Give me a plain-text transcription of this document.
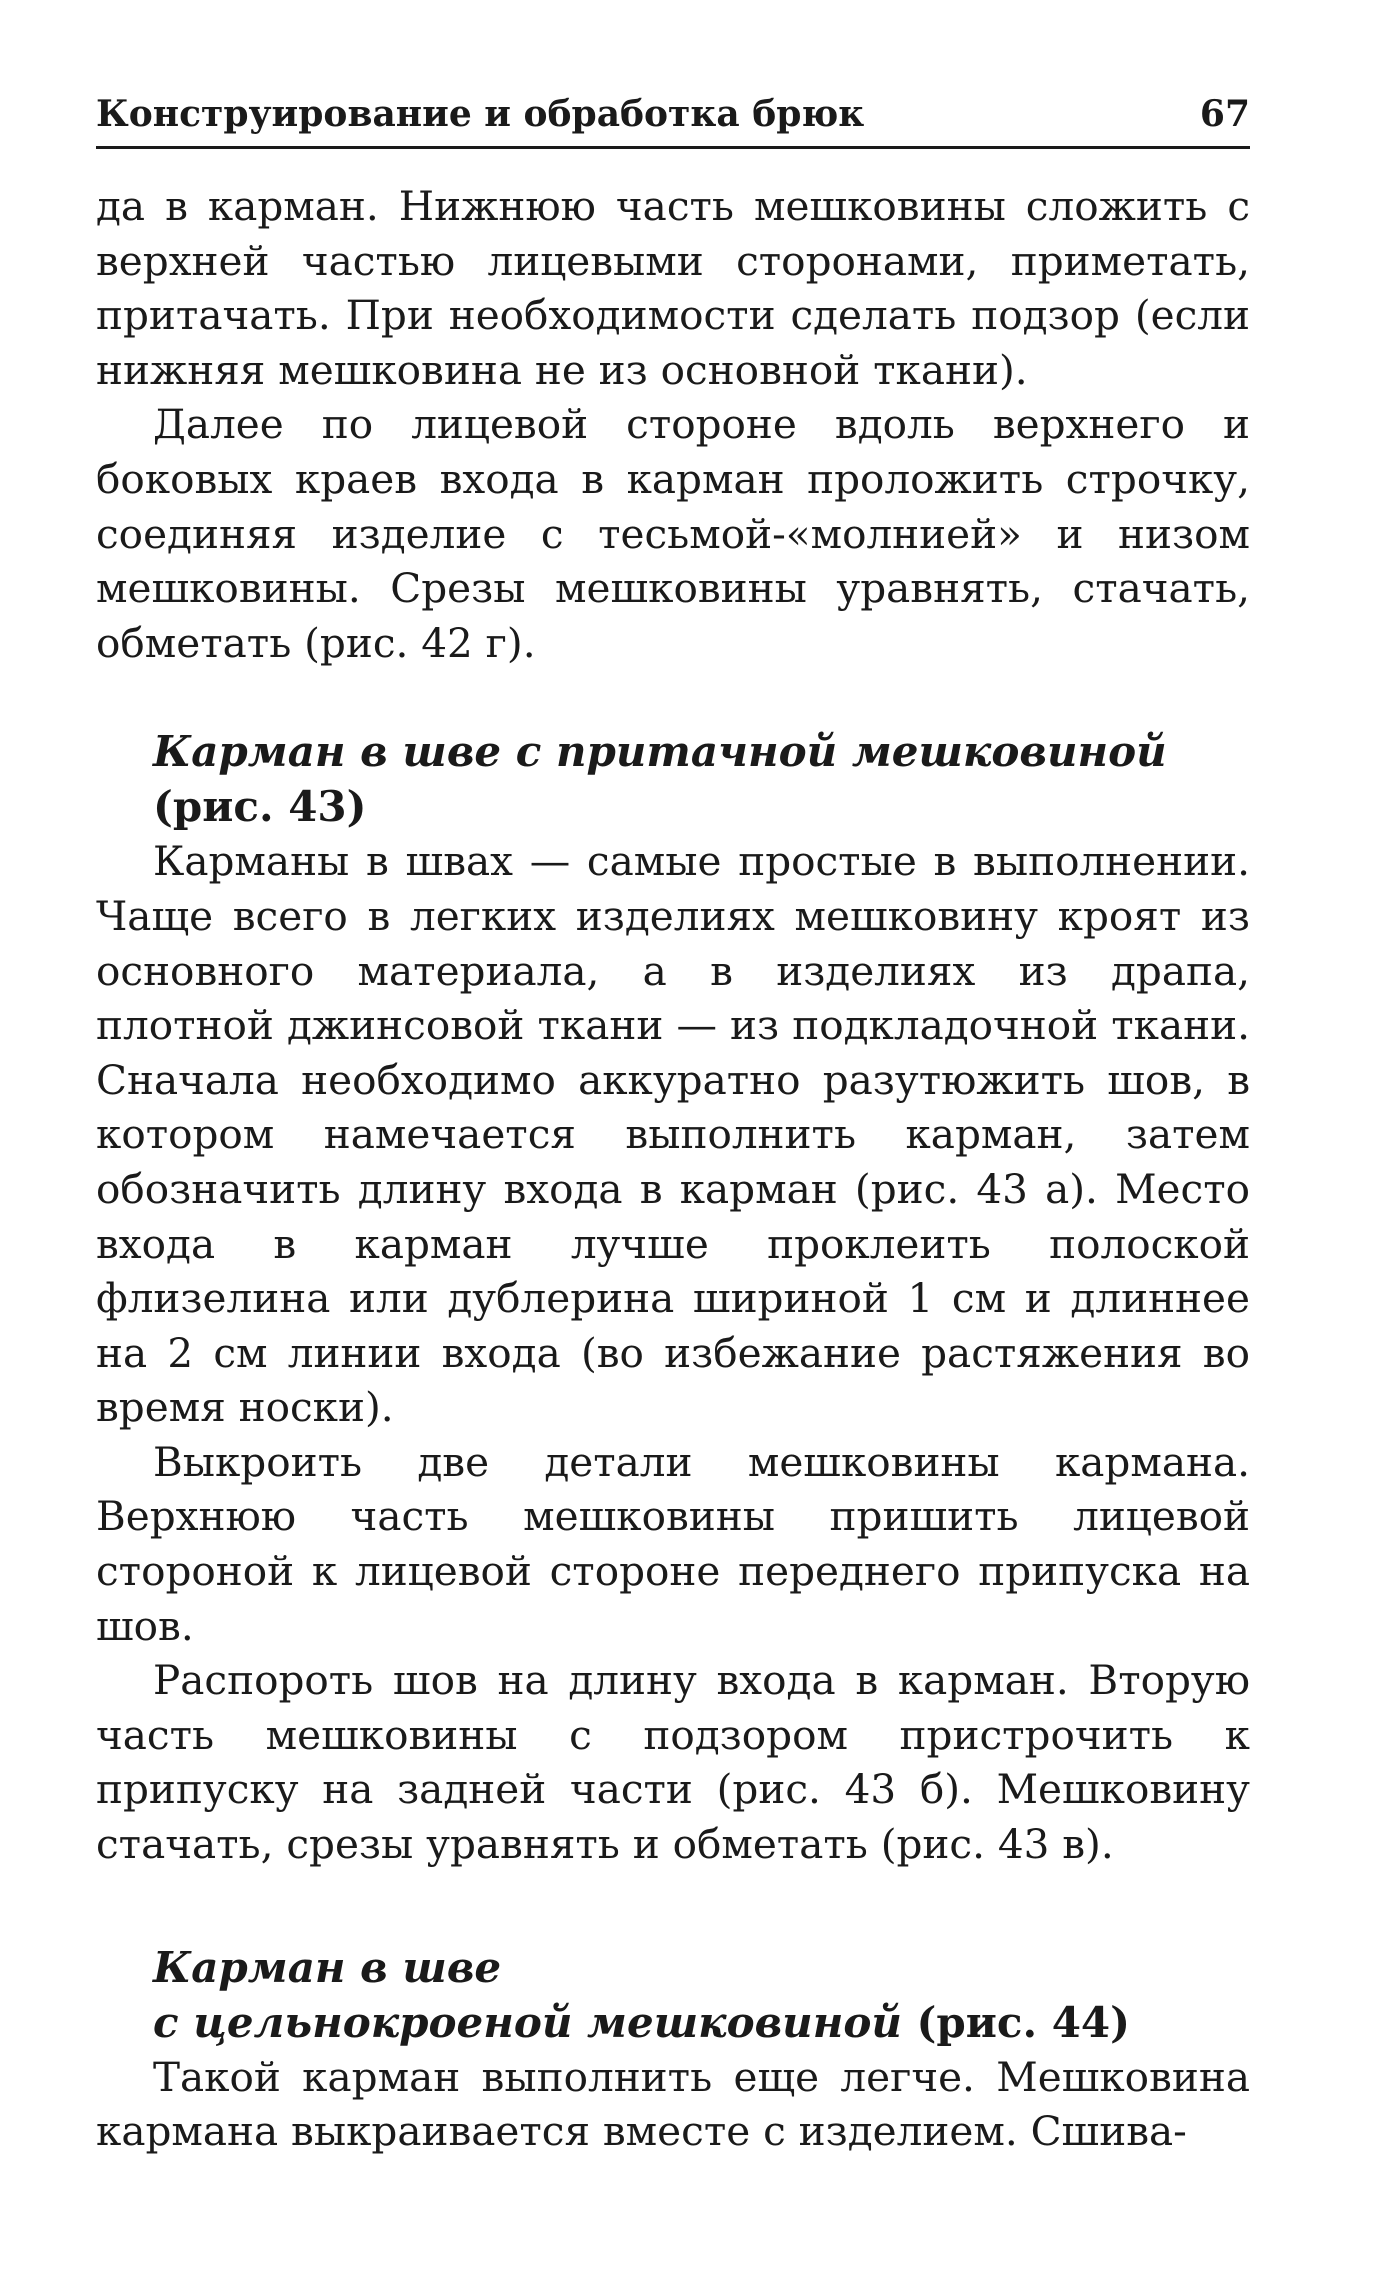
Конструирование и обработка брюк	67

да в карман. Нижнюю часть мешковины сложить с верхней частью лицевыми сторонами, приметать, притачать. При необходимости сделать подзор (если нижняя мешковина не из основной ткани).

Далее по лицевой стороне вдоль верхнего и боковых краев входа в карман проложить строчку, соединяя изделие с тесьмой-«молнией» и низом мешковины. Срезы мешковины уравнять, стачать, обметать (рис. 42 г).

Карман в шве с притачной мешковиной
(рис. 43)

Карманы в швах — самые простые в выполнении. Чаще всего в легких изделиях мешковину кроят из основного материала, а в изделиях из драпа, плотной джинсовой ткани — из подкладочной ткани. Сначала необходимо аккуратно разутюжить шов, в котором намечается выполнить карман, затем обозначить длину входа в карман (рис. 43 а). Место входа в карман лучше проклеить полоской флизелина или дублерина шириной 1 см и длиннее на 2 см линии входа (во избежание растяжения во время носки).

Выкроить две детали мешковины кармана. Верхнюю часть мешковины пришить лицевой стороной к лицевой стороне переднего припуска на шов.

Распороть шов на длину входа в карман. Вторую часть мешковины с подзором пристрочить к припуску на задней части (рис. 43 б). Мешковину стачать, срезы уравнять и обметать (рис. 43 в).

Карман в шве
с цельнокроеной мешковиной (рис. 44)

Такой карман выполнить еще легче. Мешковина кармана выкраивается вместе с изделием. Сшива-
